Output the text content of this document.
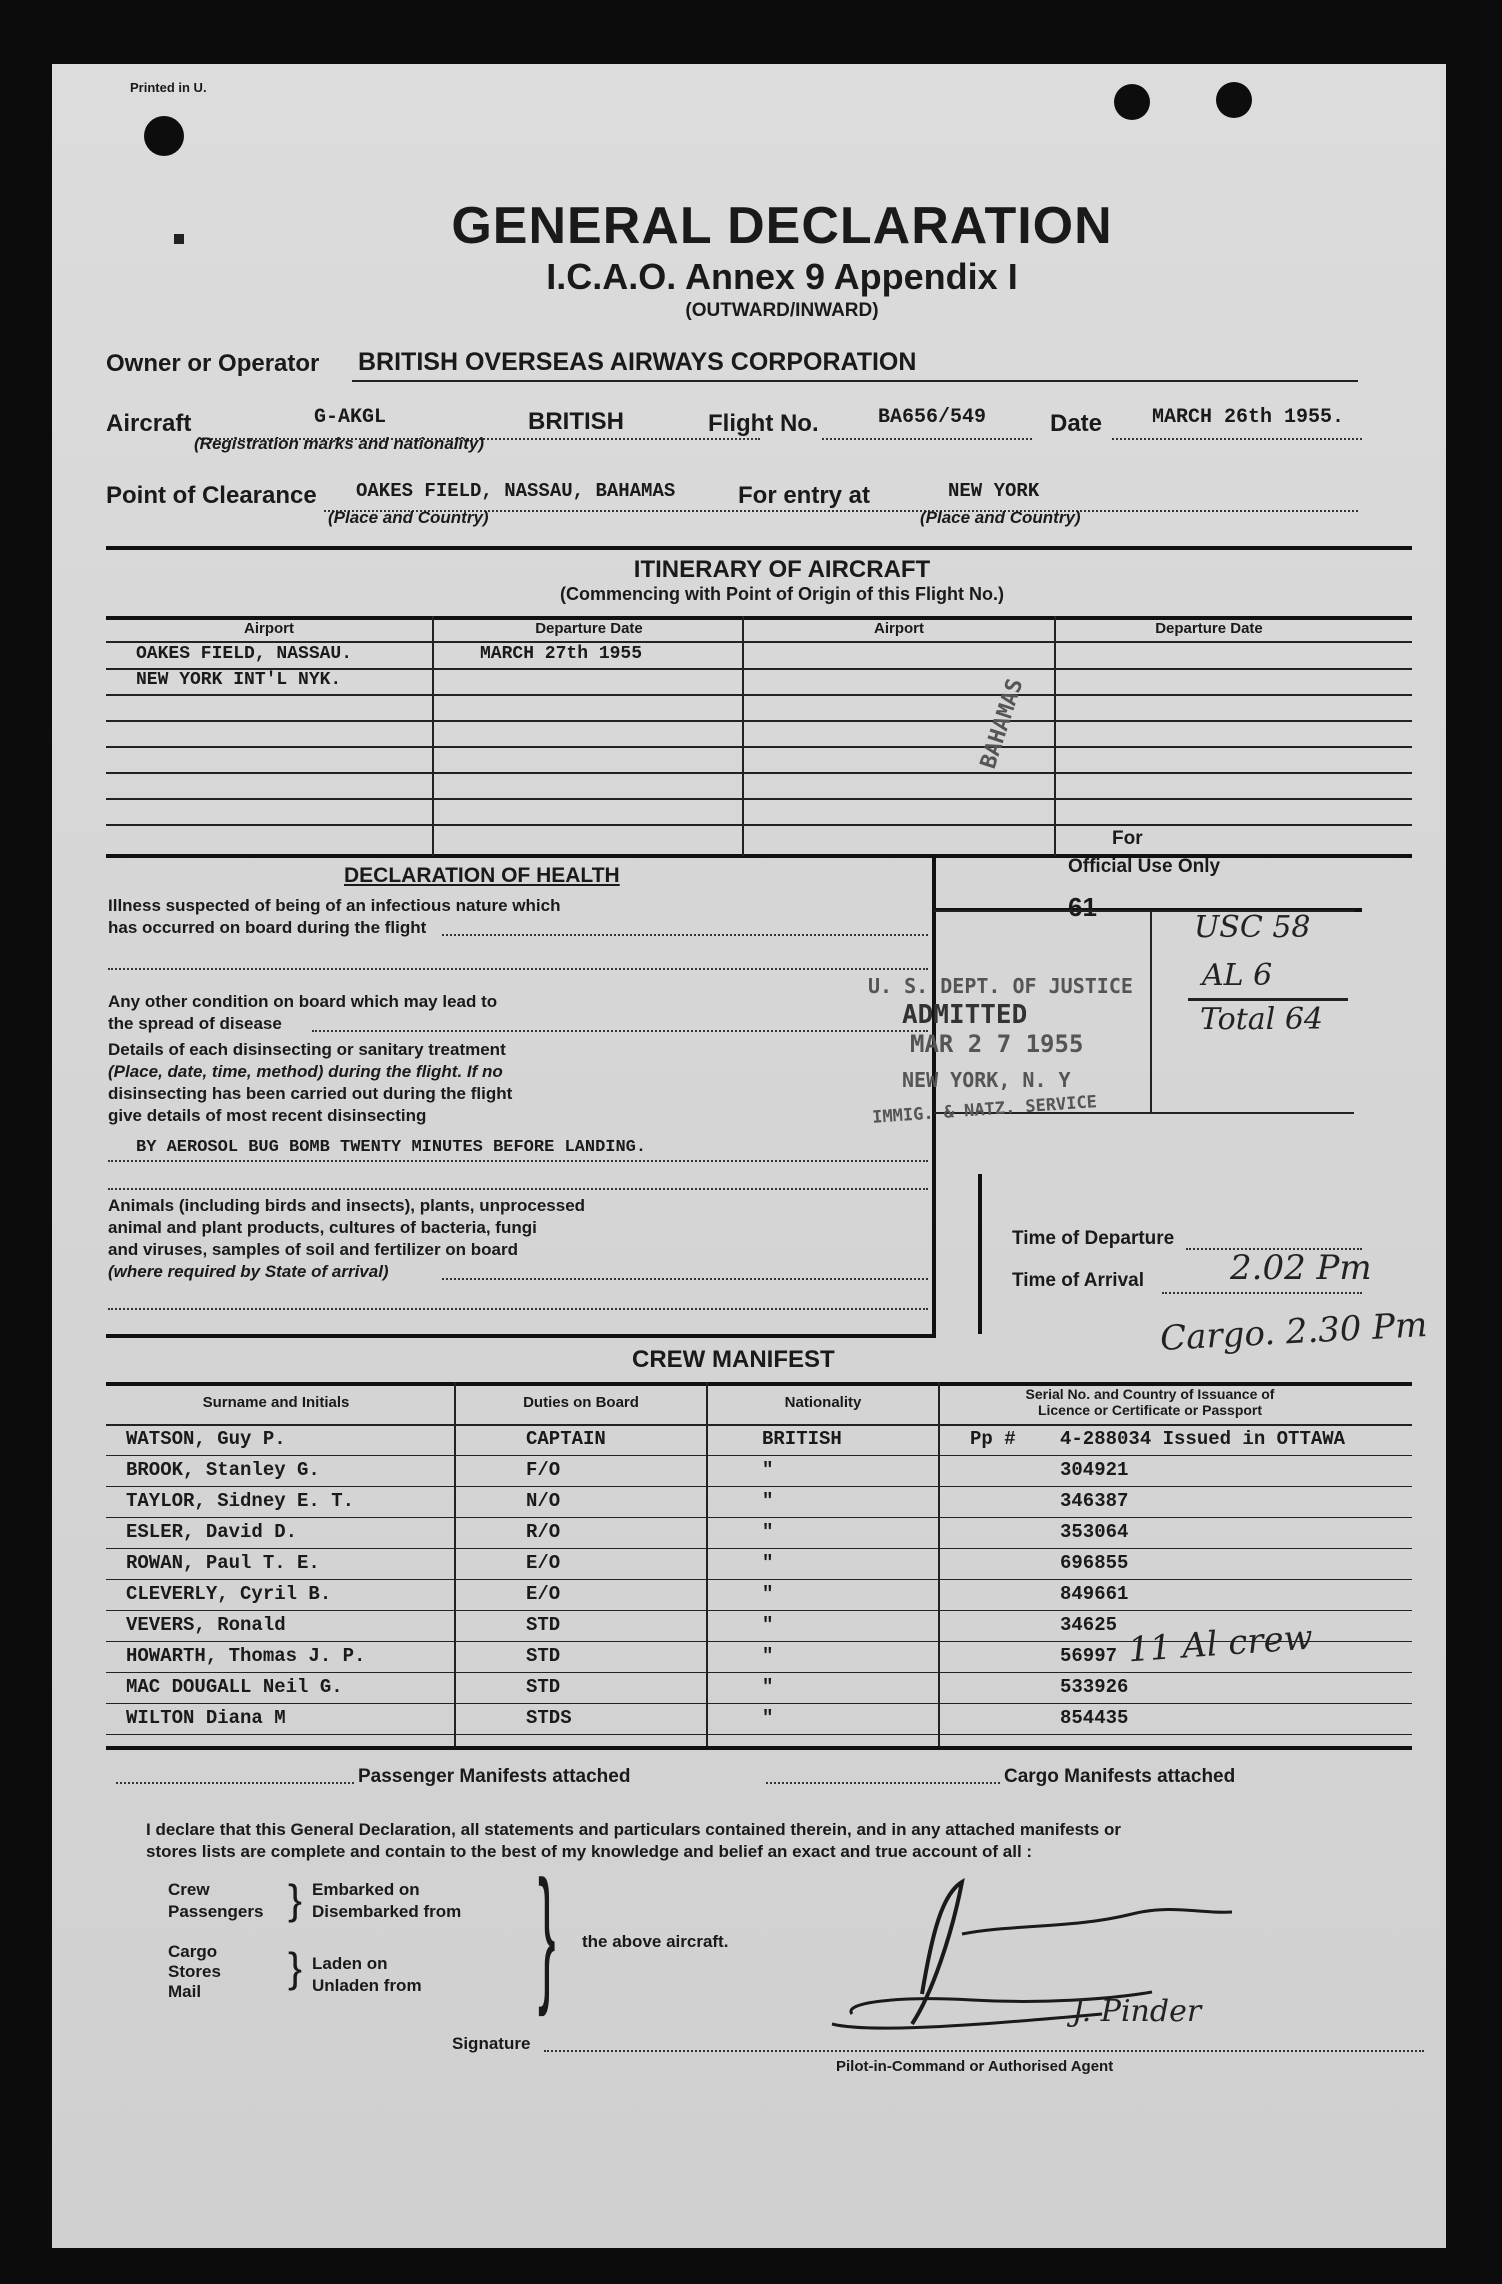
Printed in U.
GENERAL DECLARATION
I.C.A.O. Annex 9 Appendix I
(OUTWARD/INWARD)
Owner or Operator BRITISH OVERSEAS AIRWAYS CORPORATION
Aircraft	G-AKGL	BRITISH	Flight No.	BA656/549	Date MARCH 26th 1955.
(Registration marks and nationality)
Point of Clearance OAKES FIELD, NASSAU, BAHAMAS	For entry at	NEW YORK
(Place and Country)	(Place and Country)
ITINERARY OF AIRCRAFT
(Commencing with Point of Origin of this Flight No.)
Airport	Departure Date	Airport	Departure Date
OAKES FIELD, NASSAU.	MARCH 27th 1955
NEW YORK INT'L NYK.	BAHAMAS
For
Official Use Only
61
USC 58
AL 6
Total 64
U. S. DEPT. OF JUSTICE
ADMITTED
MAR 2 7 1955
NEW YORK, N. Y
IMMIG. & NATZ. SERVICE
DECLARATION OF HEALTH
Illness suspected of being of an infectious nature which
has occurred on board during the flight
Any other condition on board which may lead to
the spread of disease
Details of each disinsecting or sanitary treatment
(Place, date, time, method) during the flight. If no
disinsecting has been carried out during the flight
give details of most recent disinsecting
BY AEROSOL BUG BOMB TWENTY MINUTES BEFORE LANDING.
Animals (including birds and insects), plants, unprocessed
animal and plant products, cultures of bacteria, fungi
and viruses, samples of soil and fertilizer on board
(where required by State of arrival)
Time of Departure
Time of Arrival	2.02 Pm
Cargo. 2.30 Pm
CREW MANIFEST
Surname and Initials	Duties on Board	Nationality	Serial No. and Country of Issuance of
Licence or Certificate or Passport
WATSON, Guy P.	CAPTAIN	BRITISH	Pp # 4-288034 Issued in OTTAWA
BROOK, Stanley G.	F/O	"	304921
TAYLOR, Sidney E. T.	N/O	"	346387
ESLER, David D.	R/O	"	353064
ROWAN, Paul T. E.	E/O	"	696855
CLEVERLY, Cyril B.	E/O	"	849661
VEVERS, Ronald	STD	"	34625
HOWARTH, Thomas J. P.	STD	"	56997
MAC DOUGALL Neil G.	STD	"	533926
WILTON Diana M	STDS	"	854435
11 Al crew
Passenger Manifests attached	Cargo Manifests attached
I declare that this General Declaration, all statements and particulars contained therein, and in any attached manifests or
stores lists are complete and contain to the best of my knowledge and belief an exact and true account of all :
Crew
Passengers } Embarked on
Disembarked from
Cargo
Stores
Mail
} Laden on
Unladen from } the above aircraft.
J. Pinder
Signature
Pilot-in-Command or Authorised Agent
